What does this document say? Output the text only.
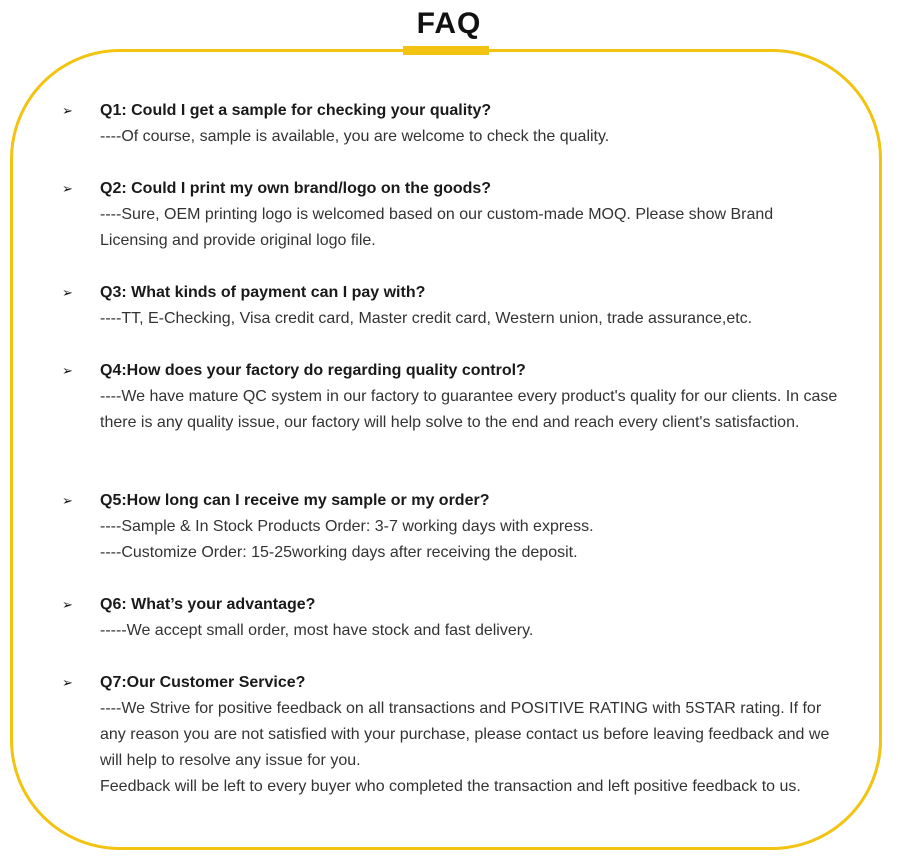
FAQ
➢	Q1: Could I get a sample for checking your quality?
----Of course, sample is available, you are welcome to check the quality.
➢	Q2: Could I print my own brand/logo on the goods?
----Sure, OEM printing logo is welcomed based on our custom-made MOQ. Please show Brand Licensing and provide original logo file.
➢	Q3: What kinds of payment can I pay with?
----TT, E-Checking, Visa credit card, Master credit card, Western union, trade assurance,etc.
➢	Q4:How does your factory do regarding quality control?
----We have mature QC system in our factory to guarantee every product's quality for our clients. In case there is any quality issue, our factory will help solve to the end and reach every client's satisfaction.
➢	Q5:How long can I receive my sample or my order?
----Sample & In Stock Products Order: 3-7 working days with express.
----Customize Order: 15-25working days after receiving the deposit.
➢	Q6: What’s your advantage?
-----We accept small order, most have stock and fast delivery.
➢	Q7:Our Customer Service?
----We Strive for positive feedback on all transactions and POSITIVE RATING with 5STAR rating. If for any reason you are not satisfied with your purchase, please contact us before leaving feedback and we will help to resolve any issue for you.
Feedback will be left to every buyer who completed the transaction and left positive feedback to us.
